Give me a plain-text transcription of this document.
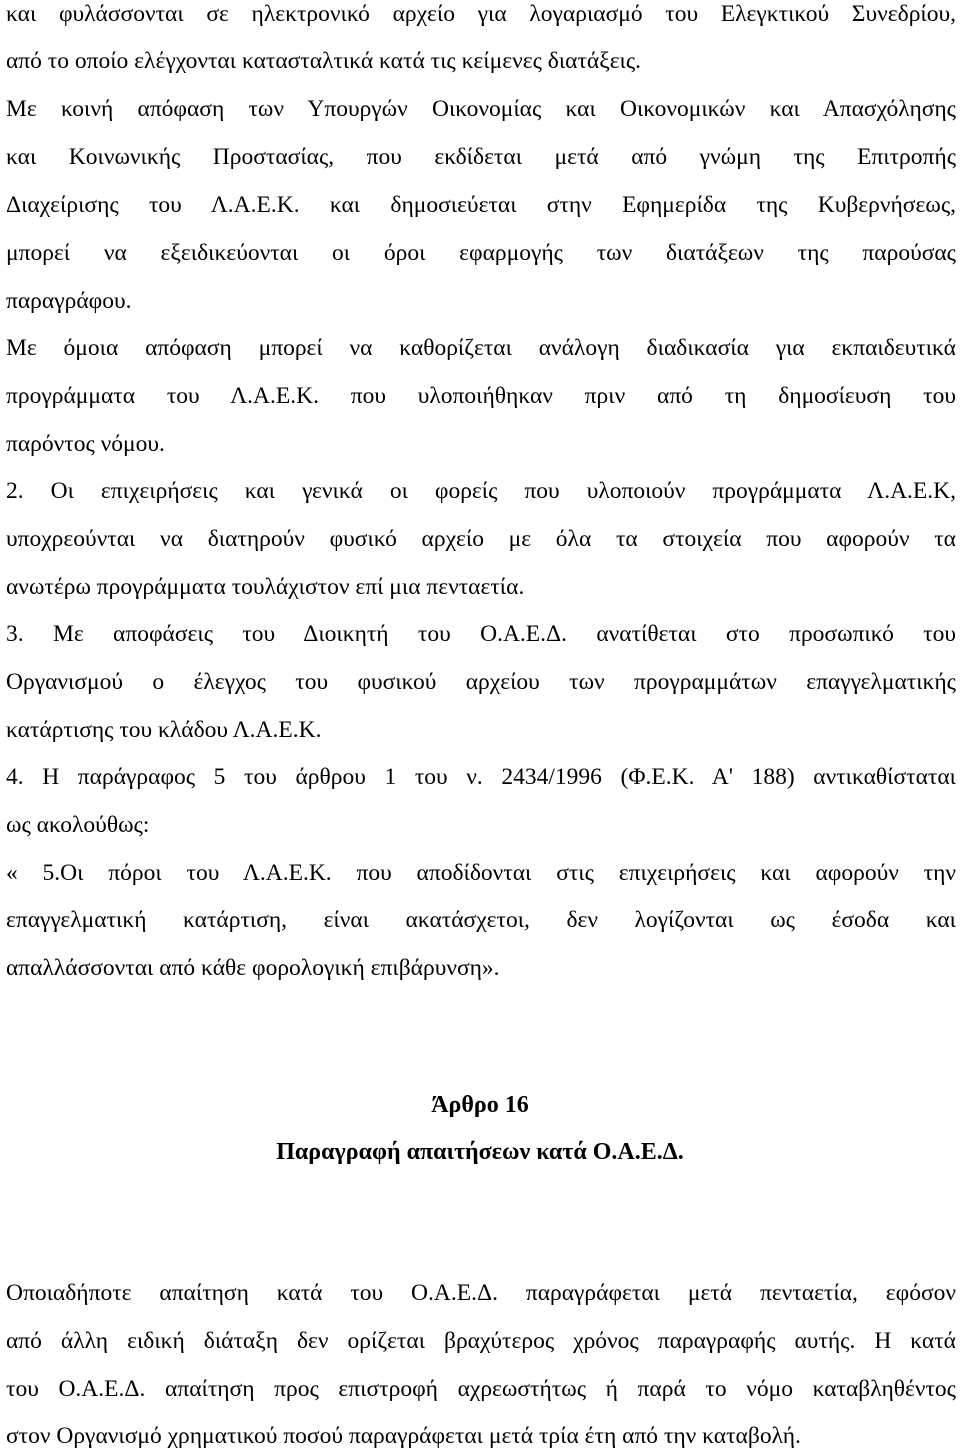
και φυλάσσονται σε ηλεκτρονικό αρχείο για λογαριασμό του Ελεγκτικού Συνεδρίου,
από το οποίο ελέγχονται κατασταλτικά κατά τις κείμενες διατάξεις.
Με κοινή απόφαση των Υπουργών Οικονομίας και Οικονομικών και Απασχόλησης
και Κοινωνικής Προστασίας, που εκδίδεται μετά από γνώμη της Επιτροπής
Διαχείρισης του Λ.Α.Ε.Κ. και δημοσιεύεται στην Εφημερίδα της Κυβερνήσεως,
μπορεί να εξειδικεύονται οι όροι εφαρμογής των διατάξεων της παρούσας
παραγράφου.
Με όμοια απόφαση μπορεί να καθορίζεται ανάλογη διαδικασία για εκπαιδευτικά
προγράμματα του Λ.Α.Ε.Κ. που υλοποιήθηκαν πριν από τη δημοσίευση του
παρόντος νόμου.
2. Οι επιχειρήσεις και γενικά οι φορείς που υλοποιούν προγράμματα Λ.Α.Ε.Κ,
υποχρεούνται να διατηρούν φυσικό αρχείο με όλα τα στοιχεία που αφορούν τα
ανωτέρω προγράμματα τουλάχιστον επί μια πενταετία.
3. Με αποφάσεις του Διοικητή του Ο.Α.Ε.Δ. ανατίθεται στο προσωπικό του
Οργανισμού ο έλεγχος του φυσικού αρχείου των προγραμμάτων επαγγελματικής
κατάρτισης του κλάδου Λ.Α.Ε.Κ.
4. Η παράγραφος 5 του άρθρου 1 του ν. 2434/1996 (Φ.Ε.Κ. Α' 188) αντικαθίσταται
ως ακολούθως:
« 5.Οι πόροι του Λ.Α.Ε.Κ. που αποδίδονται στις επιχειρήσεις και αφορούν την
επαγγελματική κατάρτιση, είναι ακατάσχετοι, δεν λογίζονται ως έσοδα και
απαλλάσσονται από κάθε φορολογική επιβάρυνση».
Άρθρο 16
Παραγραφή απαιτήσεων κατά Ο.Α.Ε.Δ.
Οποιαδήποτε απαίτηση κατά του Ο.Α.Ε.Δ. παραγράφεται μετά πενταετία, εφόσον
από άλλη ειδική διάταξη δεν ορίζεται βραχύτερος χρόνος παραγραφής αυτής. Η κατά
του Ο.Α.Ε.Δ. απαίτηση προς επιστροφή αχρεωστήτως ή παρά το νόμο καταβληθέντος
στον Οργανισμό χρηματικού ποσού παραγράφεται μετά τρία έτη από την καταβολή.
